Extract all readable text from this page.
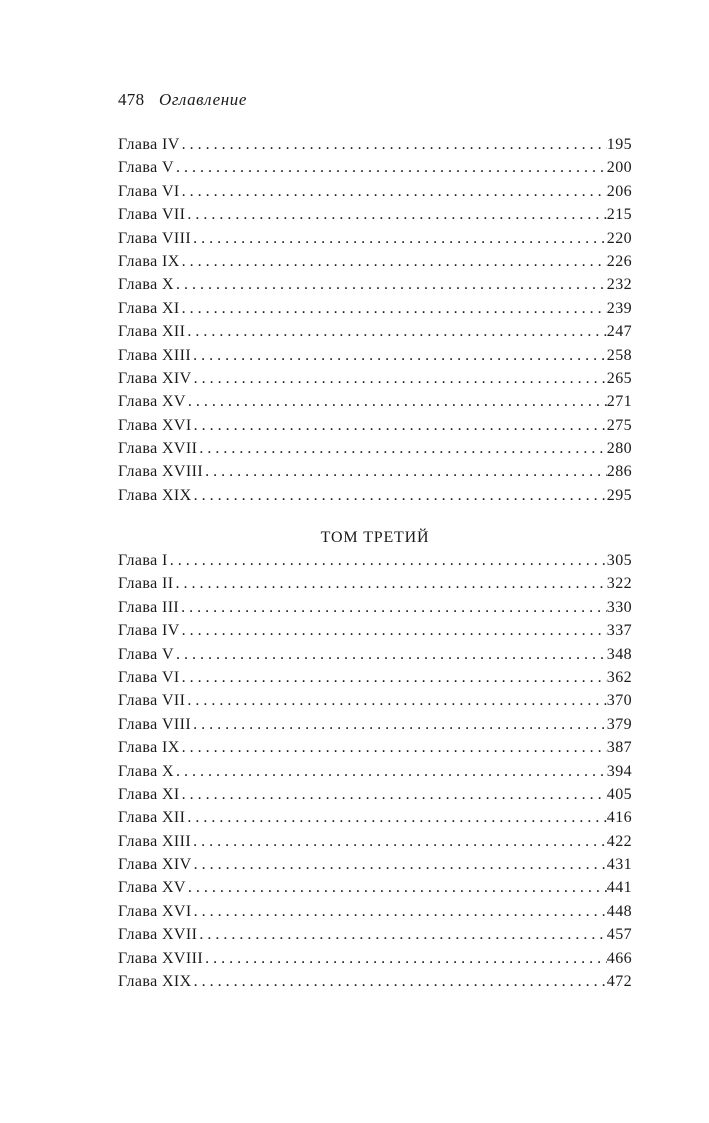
478 Оглавление
Глава IV . . .	195
Глава V . . .	200
Глава VI . . .	206
Глава VII . . .	215
Глава VIII . . .	220
Глава IX . . .	226
Глава X . . .	232
Глава XI . . .	239
Глава XII . . .	247
Глава XIII . . .	258
Глава XIV . . .	265
Глава XV . . .	271
Глава XVI . . .	275
Глава XVII . . .	280
Глава XVIII . . .	286
Глава XIX . . .	295
ТОМ ТРЕТИЙ
Глава I . . .	305
Глава II . . .	322
Глава III . . .	330
Глава IV . . .	337
Глава V . . .	348
Глава VI . . .	362
Глава VII . . .	370
Глава VIII . . .	379
Глава IX . . .	387
Глава X . . .	394
Глава XI . . .	405
Глава XII . . .	416
Глава XIII . . .	422
Глава XIV . . .	431
Глава XV . . .	441
Глава XVI . . .	448
Глава XVII . . .	457
Глава XVIII . . .	466
Глава XIX . . .	472
